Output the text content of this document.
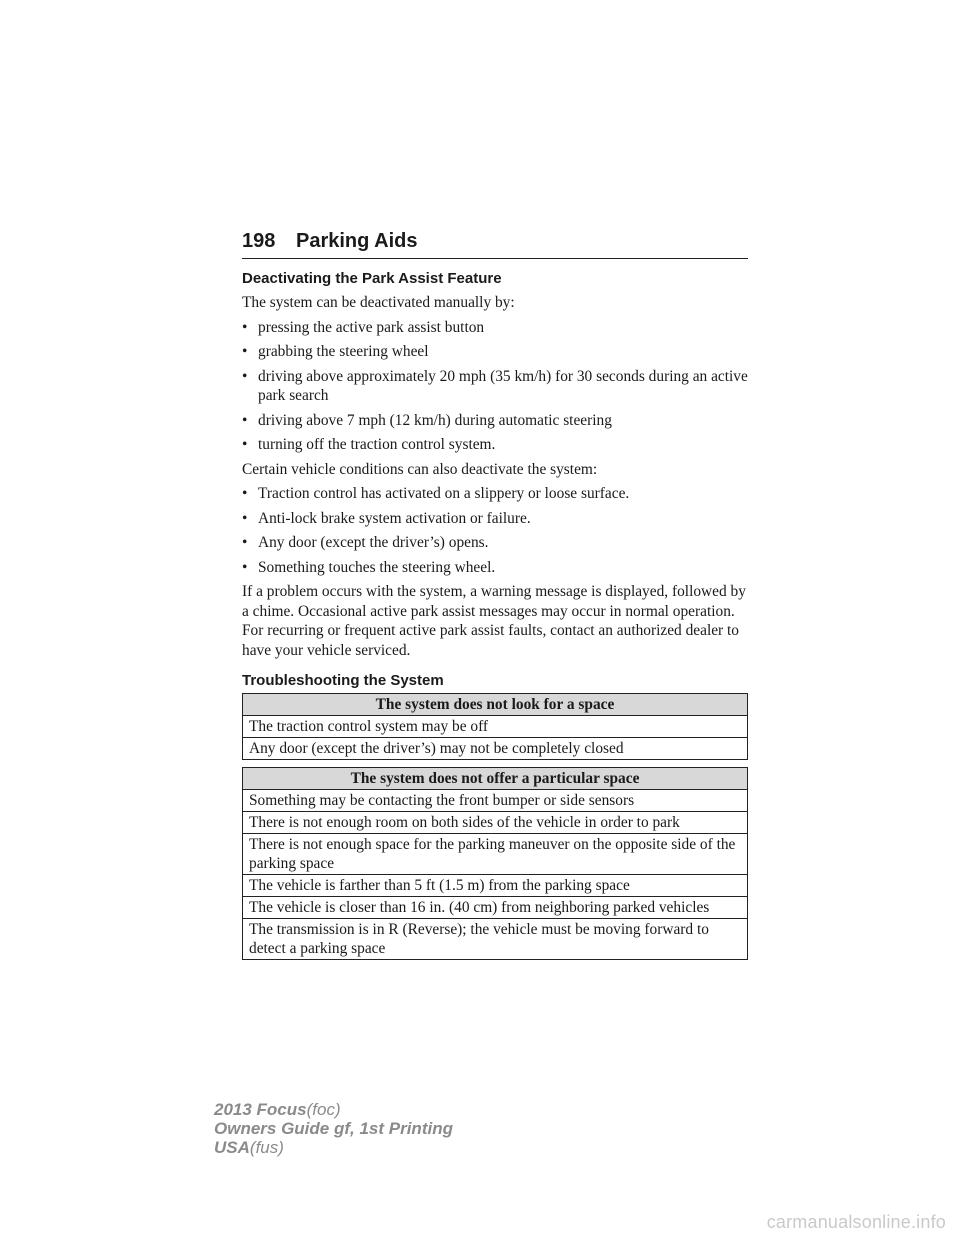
198 Parking Aids
Deactivating the Park Assist Feature

The system can be deactivated manually by:

• pressing the active park assist button
• grabbing the steering wheel
• driving above approximately 20 mph (35 km/h) for 30 seconds during an active park search
• driving above 7 mph (12 km/h) during automatic steering
• turning off the traction control system.

Certain vehicle conditions can also deactivate the system:

• Traction control has activated on a slippery or loose surface.
• Anti-lock brake system activation or failure.
• Any door (except the driver’s) opens.
• Something touches the steering wheel.

If a problem occurs with the system, a warning message is displayed, followed by a chime. Occasional active park assist messages may occur in normal operation. For recurring or frequent active park assist faults, contact an authorized dealer to have your vehicle serviced.

Troubleshooting the System
The system does not look for a space
The traction control system may be off
Any door (except the driver’s) may not be completely closed
The system does not offer a particular space
Something may be contacting the front bumper or side sensors
There is not enough room on both sides of the vehicle in order to park
There is not enough space for the parking maneuver on the opposite side of the parking space
The vehicle is farther than 5 ft (1.5 m) from the parking space
The vehicle is closer than 16 in. (40 cm) from neighboring parked vehicles
The transmission is in R (Reverse); the vehicle must be moving forward to detect a parking space
2013 Focus(foc)
Owners Guide gf, 1st Printing
USA(fus)
carmanualsonline.info
